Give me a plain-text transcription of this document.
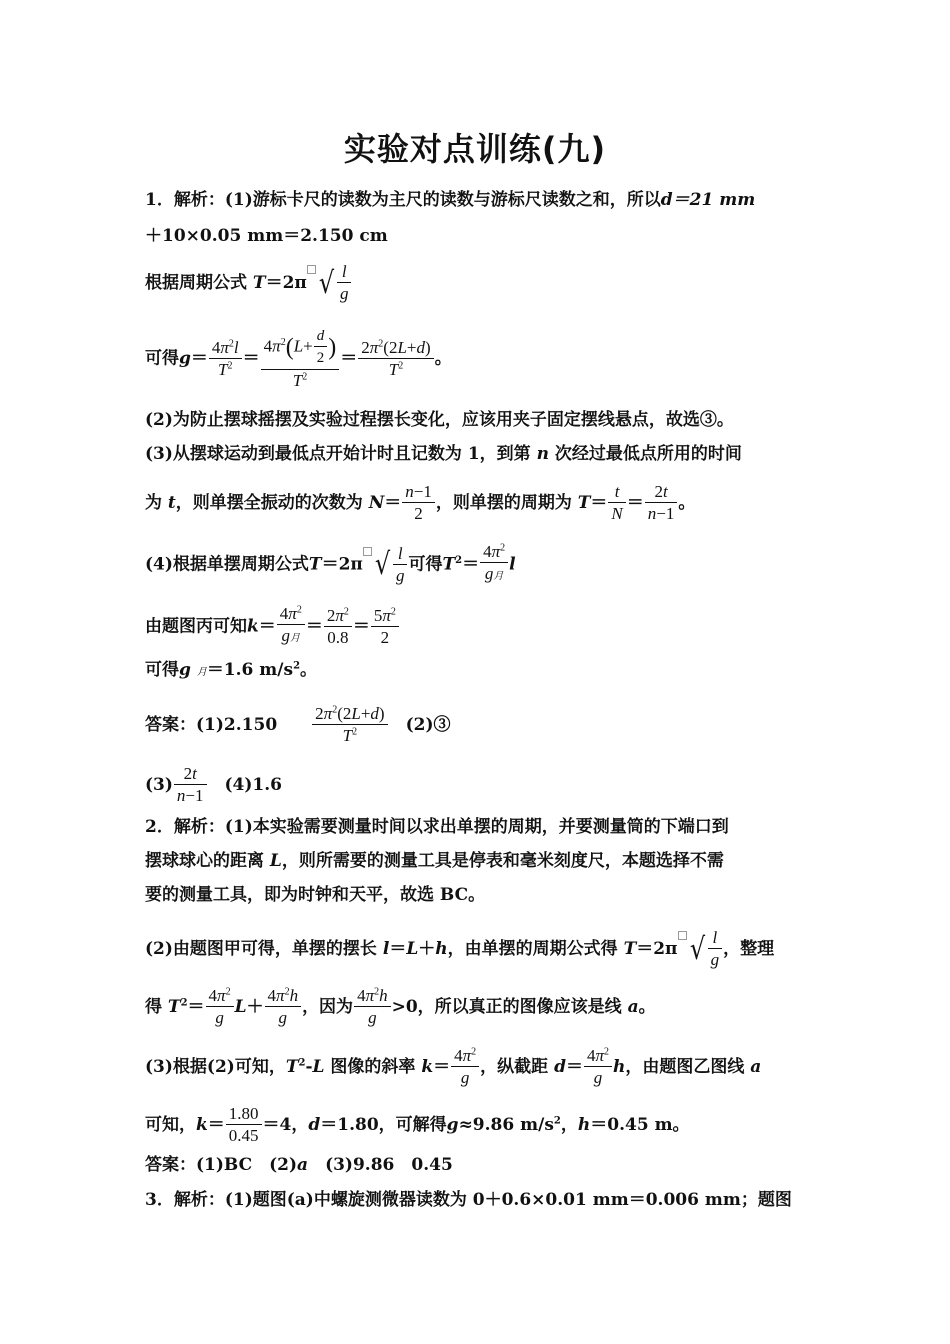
实验对点训练(九)
1．解析：(1)游标卡尺的读数为主尺的读数与游标尺读数之和，所以d＝21 mm
＋10×0.05 mm＝2.150 cm
根据周期公式 T＝2π √ $\frac{l}{g}$
可得$g= \frac{4\pi^2l}{T^2} = \frac{4\pi^2(L+ \frac{d}{2} )}{T^2} = \frac{2\pi^2(2L+d)}{T^2}$ 。
(2)为防止摆球摇摆及实验过程摆长变化，应该用夹子固定摆线悬点，故选③。
(3)从摆球运动到最低点开始计时且记数为 1，到第 n 次经过最低点所用的时间
为 t，则单摆全振动的次数为 $N= \frac{n-1}{2}$ ，则单摆的周期为 $T= \frac{t}{N} = \frac{2t}{n-1}$ 。
(4)根据单摆周期公式T＝2π √ $\frac{l}{g}$ 可得$T^2=$
$4\pi^2$
g月
l
由题图丙可知k＝
$4\pi^2$
g月
＝ $\frac{2\pi^2}{0.8} = \frac{5\pi^2}{2}$
可得g 月＝1.6 $m/s^2$。
答案：(1)2.150　　 $\frac{2\pi^2(2L+d)}{T^2}$
　 (2)③
$(3) \frac{2t}{n-1}$
　 (4)1.6
2．解析：(1)本实验需要测量时间以求出单摆的周期，并要测量筒的下端口到
摆球球心的距离 L，则所需要的测量工具是停表和毫米刻度尺，本题选择不需
要的测量工具，即为时钟和天平，故选 BC。
(2)由题图甲可得，单摆的摆长 l＝L＋h，由单摆的周期公式得 T＝2π √ $\frac{l}{g}$ ，整理
得 $T^2= \frac{4\pi^2}{g} L+ \frac{4\pi^2h}{g}$ ，因为 $\frac{4\pi^2h}{g} >0$，所以真正的图像应该是线 a。
(3)根据(2)可知，$T^2-L$ 图像的斜率 $k= \frac{4\pi^2}{g}$ ，纵截距 $d= \frac{4\pi^2}{g}$ h，由题图乙图线 a
可知，$k= \frac{1.80}{0.45} =4$，d＝1.80，可解得g≈9.86 $m/s^2$，h＝0.45 m。
答案：(1)BC　(2)a　 (3)9.86　0.45
3．解析：(1)题图(a)中螺旋测微器读数为 0＋0.6×0.01 mm＝0.006 mm；题图
